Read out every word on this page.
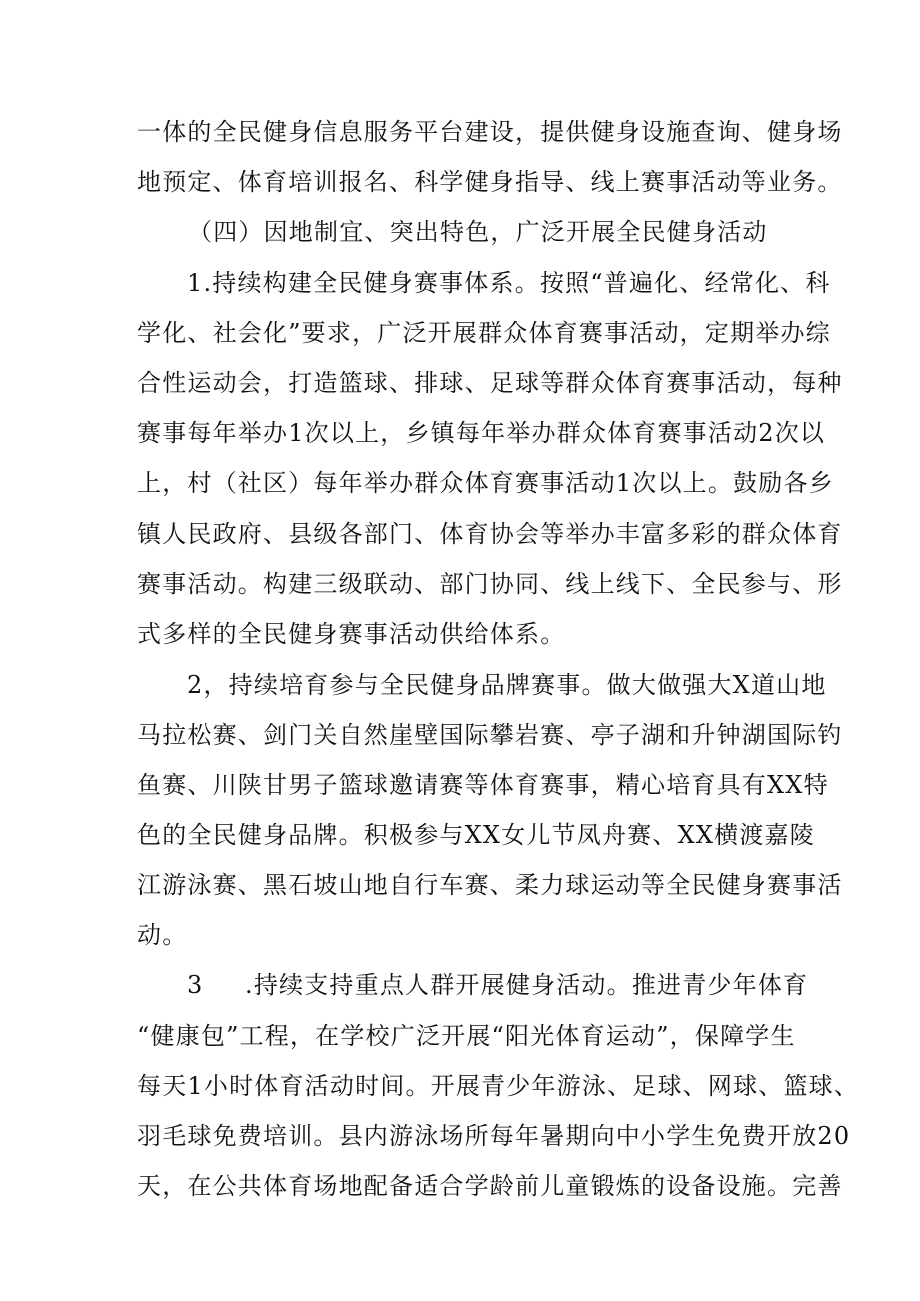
一体的全民健身信息服务平台建设，提供健身设施查询、健身场
地预定、体育培训报名、科学健身指导、线上赛事活动等业务。
（四）因地制宜、突出特色，广泛开展全民健身活动
1.持续构建全民健身赛事体系。按照“普遍化、经常化、科
学化、社会化”要求，广泛开展群众体育赛事活动，定期举办综
合性运动会，打造篮球、排球、足球等群众体育赛事活动，每种
赛事每年举办1次以上，乡镇每年举办群众体育赛事活动2次以
上，村（社区）每年举办群众体育赛事活动1次以上。鼓励各乡
镇人民政府、县级各部门、体育协会等举办丰富多彩的群众体育
赛事活动。构建三级联动、部门协同、线上线下、全民参与、形
式多样的全民健身赛事活动供给体系。
2，持续培育参与全民健身品牌赛事。做大做强大X道山地
马拉松赛、剑门关自然崖壁国际攀岩赛、亭子湖和升钟湖国际钓
鱼赛、川陕甘男子篮球邀请赛等体育赛事，精心培育具有XX特
色的全民健身品牌。积极参与XX女儿节凤舟赛、XX横渡嘉陵
江游泳赛、黑石坡山地自行车赛、柔力球运动等全民健身赛事活
动。
3	.持续支持重点人群开展健身活动。推进青少年体育
“健康包”工程，在学校广泛开展“阳光体育运动”，保障学生
每天1小时体育活动时间。开展青少年游泳、足球、网球、篮球、
羽毛球免费培训。县内游泳场所每年暑期向中小学生免费开放20
天，在公共体育场地配备适合学龄前儿童锻炼的设备设施。完善
